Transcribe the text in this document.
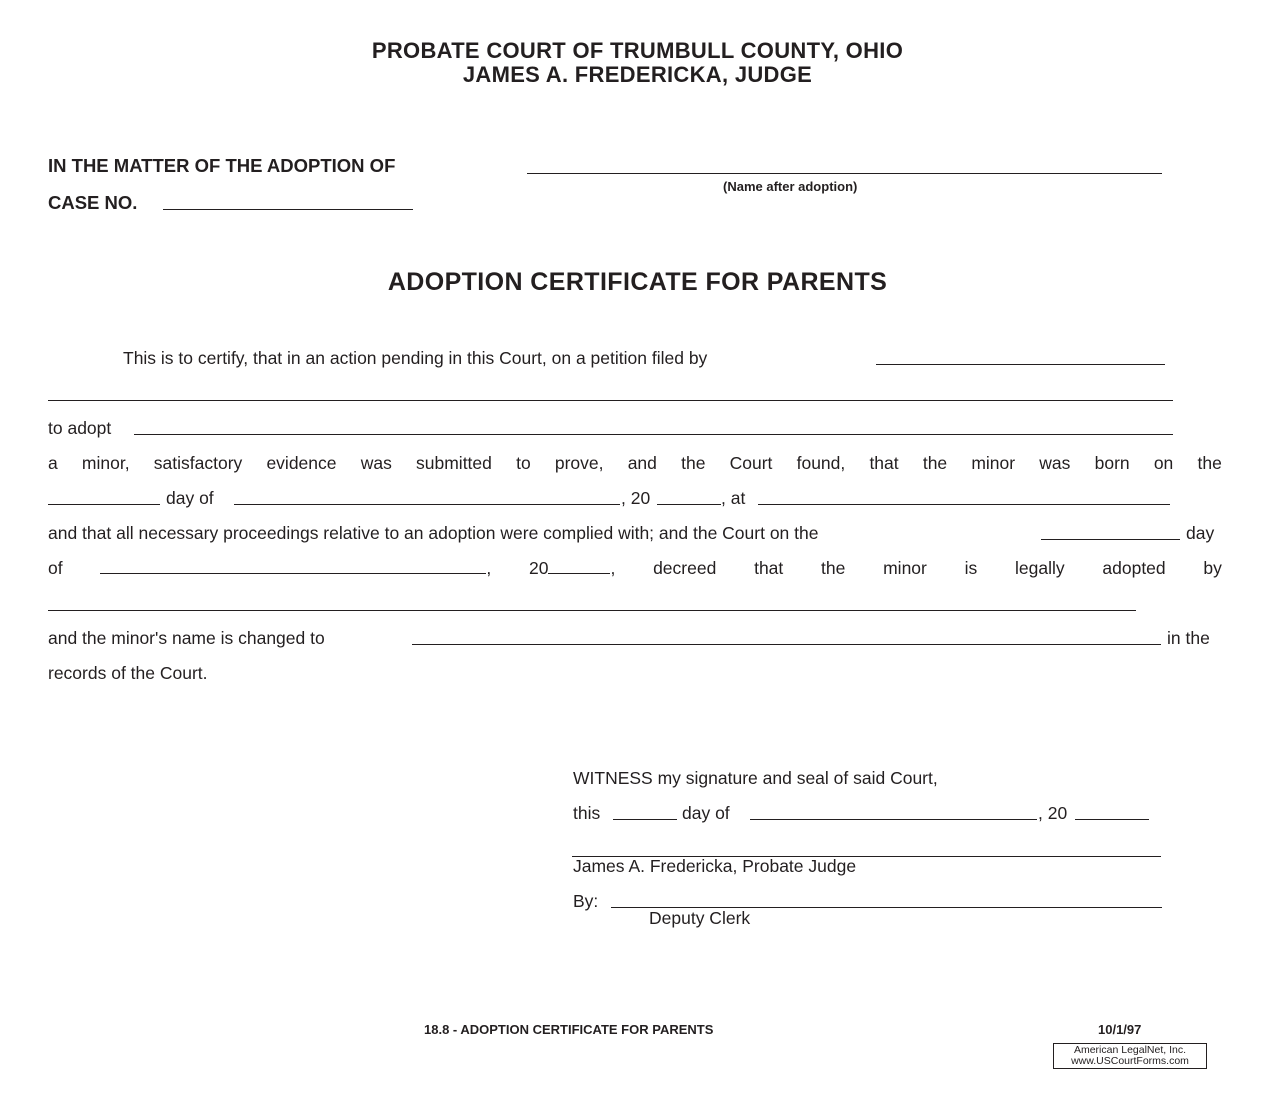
PROBATE COURT OF TRUMBULL COUNTY, OHIO
JAMES A. FREDERICKA, JUDGE
IN THE MATTER OF THE ADOPTION OF
(Name after adoption)
CASE NO.
ADOPTION CERTIFICATE FOR PARENTS
This is to certify, that in an action pending in this Court, on a petition filed by
to adopt
a minor, satisfactory evidence was submitted to prove, and the Court found, that the minor was born on the
day of	, 20	, at
and that all necessary proceedings relative to an adoption were complied with; and the Court on the	day
of	, 20	, decreed that the minor is legally adopted by
and the minor's name is changed to	in the
records of the Court.
WITNESS my signature and seal of said Court,
this	day of	, 20
James A. Fredericka, Probate Judge
By:
Deputy Clerk
18.8 - ADOPTION CERTIFICATE FOR PARENTS	10/1/97
American LegalNet, Inc.
www.USCourtForms.com
